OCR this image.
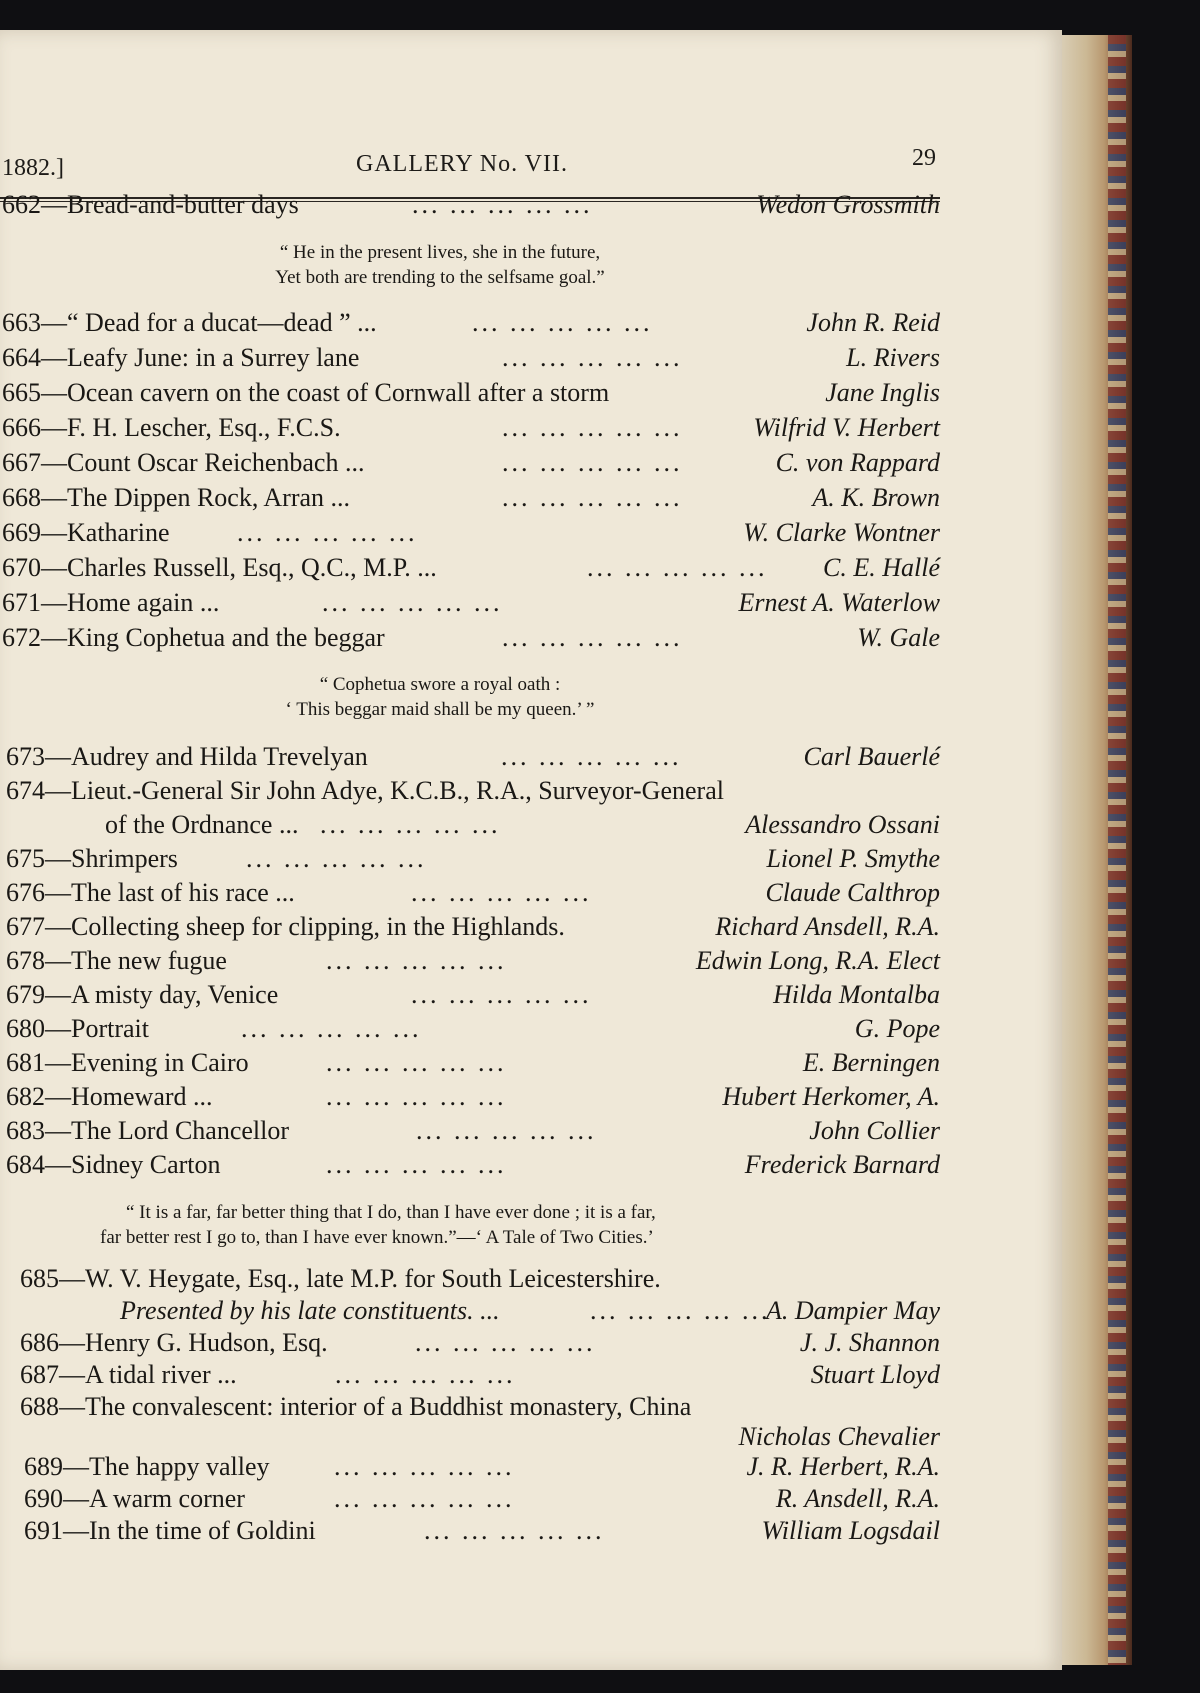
1882.]	GALLERY No. VII.	29
662—Bread-and-butter days	... ... ... ... ...	Wedon Grossmith
“ He in the present lives, she in the future,
Yet both are trending to the selfsame goal.”
663—“ Dead for a ducat—dead ” ...	... ... ... ... ...	John R. Reid
664—Leafy June: in a Surrey lane	... ... ... ... ...	L. Rivers
665—Ocean cavern on the coast of Cornwall after a storm	Jane Inglis
666—F. H. Lescher, Esq., F.C.S.	... ... ... ... ...	Wilfrid V. Herbert
667—Count Oscar Reichenbach ...	... ... ... ... ...	C. von Rappard
668—The Dippen Rock, Arran ...	... ... ... ... ...	A. K. Brown
669—Katharine	... ... ... ... ...	W. Clarke Wontner
670—Charles Russell, Esq., Q.C., M.P. ...	... ... ... ... ... C. E. Hallé
671—Home again ...	... ... ... ... ...	Ernest A. Waterlow
672—King Cophetua and the beggar	... ... ... ... ...	W. Gale
“ Cophetua swore a royal oath :
‘ This beggar maid shall be my queen.’ ”
673—Audrey and Hilda Trevelyan	... ... ... ... ...	Carl Bauerlé
674—Lieut.-General Sir John Adye, K.C.B., R.A., Surveyor-General
of the Ordnance ... ... ... ... ... ...	Alessandro Ossani
675—Shrimpers	... ... ... ... ...	Lionel P. Smythe
676—The last of his race ...	... ... ... ... ...	Claude Calthrop
677—Collecting sheep for clipping, in the Highlands.	Richard Ansdell, R.A.
678—The new fugue	... ... ... ... ...	Edwin Long, R.A. Elect
679—A misty day, Venice	... ... ... ... ...	Hilda Montalba
680—Portrait	... ... ... ... ...	G. Pope
681—Evening in Cairo	... ... ... ... ...	E. Berningen
682—Homeward ...	... ... ... ... ...	Hubert Herkomer, A.
683—The Lord Chancellor	... ... ... ... ...	John Collier
684—Sidney Carton	... ... ... ... ...	Frederick Barnard
“ It is a far, far better thing that I do, than I have ever done ; it is a far,
far better rest I go to, than I have ever known.”—‘ A Tale of Two Cities.’
685—W. V. Heygate, Esq., late M.P. for South Leicestershire.
Presented by his late constituents. ...	... ... ... ... ...
A. Dampier May
686—Henry G. Hudson, Esq.	... ... ... ... ...	J. J. Shannon
687—A tidal river ...	... ... ... ... ...	Stuart Lloyd
688—The convalescent: interior of a Buddhist monastery, China
Nicholas Chevalier
689—The happy valley ... ... ... ... ...	J. R. Herbert, R.A.
690—A warm corner	... ... ... ... ...	R. Ansdell, R.A.
691—In the time of Goldini	... ... ... ... ...	William Logsdail
